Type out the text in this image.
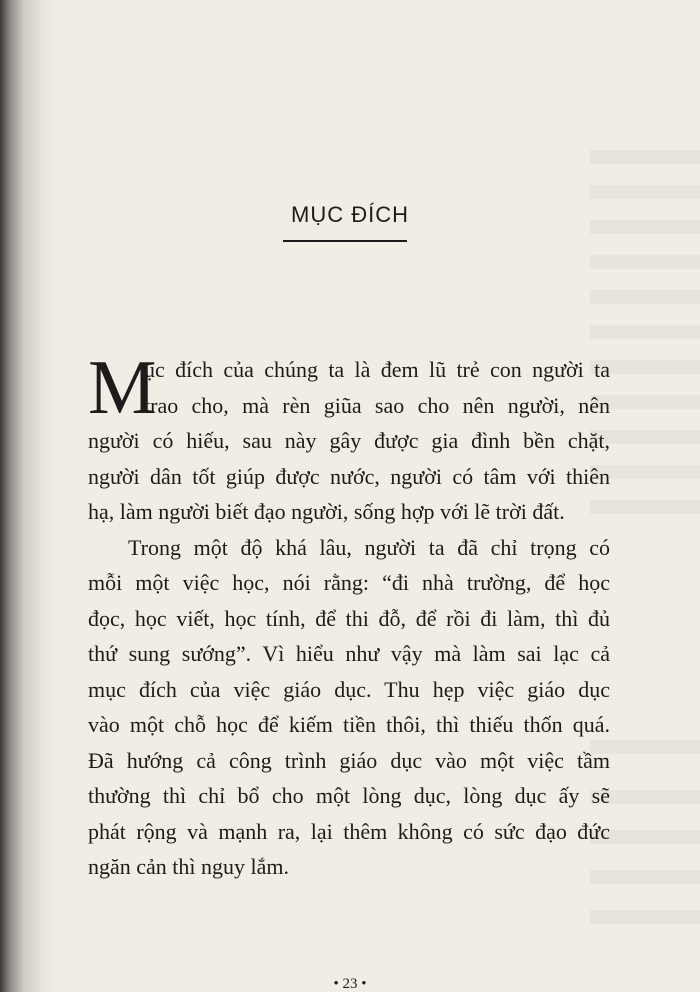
MỤC ĐÍCH
M
ục đích của chúng ta là đem lũ trẻ con người ta
trao cho, mà rèn giũa sao cho nên người, nên
người có hiếu, sau này gây được gia đình bền chặt,
người dân tốt giúp được nước, người có tâm với thiên
hạ, làm người biết đạo người, sống hợp với lẽ trời đất.
Trong một độ khá lâu, người ta đã chỉ trọng có
mỗi một việc học, nói rằng: “đi nhà trường, để học
đọc, học viết, học tính, để thi đỗ, để rồi đi làm, thì đủ
thứ sung sướng”. Vì hiểu như vậy mà làm sai lạc cả
mục đích của việc giáo dục. Thu hẹp việc giáo dục
vào một chỗ học để kiếm tiền thôi, thì thiếu thốn quá.
Đã hướng cả công trình giáo dục vào một việc tầm
thường thì chỉ bổ cho một lòng dục, lòng dục ấy sẽ
phát rộng và mạnh ra, lại thêm không có sức đạo đức
ngăn cản thì nguy lắm.
• 23 •
